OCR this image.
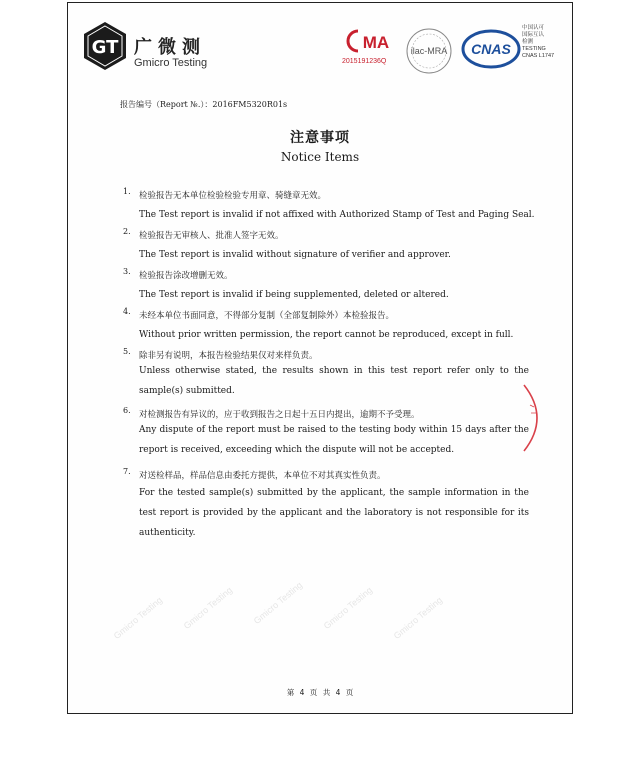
GT 广微测
Gmicro Testing
MA
2015191236Q
ilac-MRA CNAS
中国认可
国际互认
检测
TESTING
CNAS L1747
报告编号（Report №.）：2016FM5320R01s
注意事项
Notice Items
Gmicro Testing Gmicro Testing Gmicro Testing Gmicro Testing Gmicro Testing
1. 检验报告无本单位检验检验专用章、骑缝章无效。
The Test report is invalid if not affixed with Authorized Stamp of Test and Paging Seal.
2. 检验报告无审核人、批准人签字无效。
The Test report is invalid without signature of verifier and approver.
3. 检验报告涂改增删无效。
The Test report is invalid if being supplemented, deleted or altered.
4. 未经本单位书面同意，不得部分复制（全部复制除外）本检验报告。
Without prior written permission, the report cannot be reproduced, except in full.
5. 除非另有说明，本报告检验结果仅对来样负责。
Unless otherwise stated, the results shown in this test report refer only to the sample(s) submitted.
6. 对检测报告有异议的，应于收到报告之日起十五日内提出，逾期不予受理。
Any dispute of the report must be raised to the testing body within 15 days after the report is received, exceeding which the dispute will not be accepted.
7. 对送检样品，样品信息由委托方提供，本单位不对其真实性负责。
For the tested sample(s) submitted by the applicant, the sample information in the test report is provided by the applicant and the laboratory is not responsible for its authenticity.
第 4 页 共 4 页
